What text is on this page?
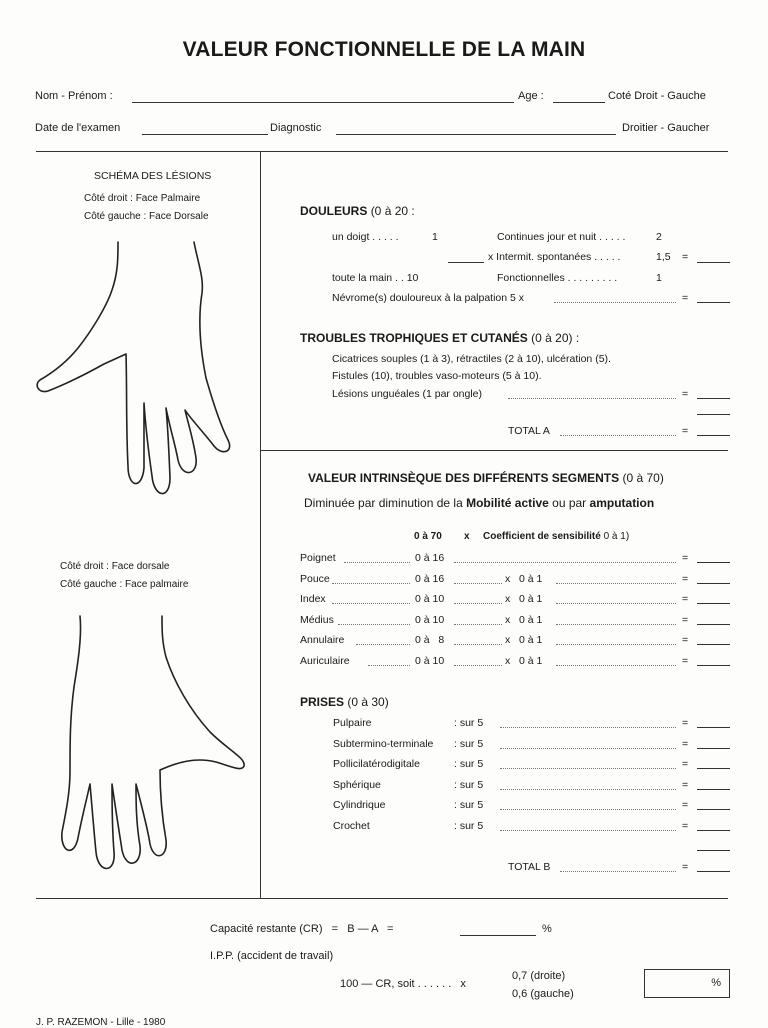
VALEUR FONCTIONNELLE DE LA MAIN
Nom - Prénom :	Age :	Coté Droit - Gauche
Date de l'examen	Diagnostic	Droitier - Gaucher
SCHÉMA DES LÉSIONS
Côté droit : Face Palmaire
Côté gauche : Face Dorsale
Côté droit : Face dorsale
Côté gauche : Face palmaire
DOULEURS (0 à 20 :
un doigt . . . . .	1	Continues jour et nuit . . . . .	2
x Intermit. spontanées . . . . .	1,5 =
toute la main . . 10	Fonctionnelles . . . . . . . . .	1
Névrome(s) douloureux à la palpation 5 x	=
TROUBLES TROPHIQUES ET CUTANÉS (0 à 20) :
Cicatrices souples (1 à 3), rétractiles (2 à 10), ulcération (5).
Fistules (10), troubles vaso-moteurs (5 à 10).
Lésions unguéales (1 par ongle)	=
TOTAL A	=
VALEUR INTRINSÈQUE DES DIFFÉRENTS SEGMENTS (0 à 70)
Diminuée par diminution de la Mobilité active ou par amputation
0 à 70 x Coefficient de sensibilité 0 à 1)
Poignet	0 à 16	=
Pouce	0 à 16	x   0 à 1	=
Index	0 à 10	x   0 à 1	=
Médius	0 à 10	x   0 à 1	=
Annulaire	0 à   8	x   0 à 1	=
Auriculaire	0 à 10	x   0 à 1	=
PRISES (0 à 30)
Pulpaire	: sur 5	=
Subtermino-terminale : sur 5	=
Pollicilatérodigitale	: sur 5	=
Sphérique	: sur 5	=
Cylindrique	: sur 5	=
Crochet	: sur 5	=
TOTAL B	=
Capacité restante (CR)   =   B — A   =	%
I.P.P. (accident de travail)
100 — CR, soit . . . . . .   x
0,7 (droite)
0,6 (gauche)
%
J. P. RAZEMON - Lille - 1980
